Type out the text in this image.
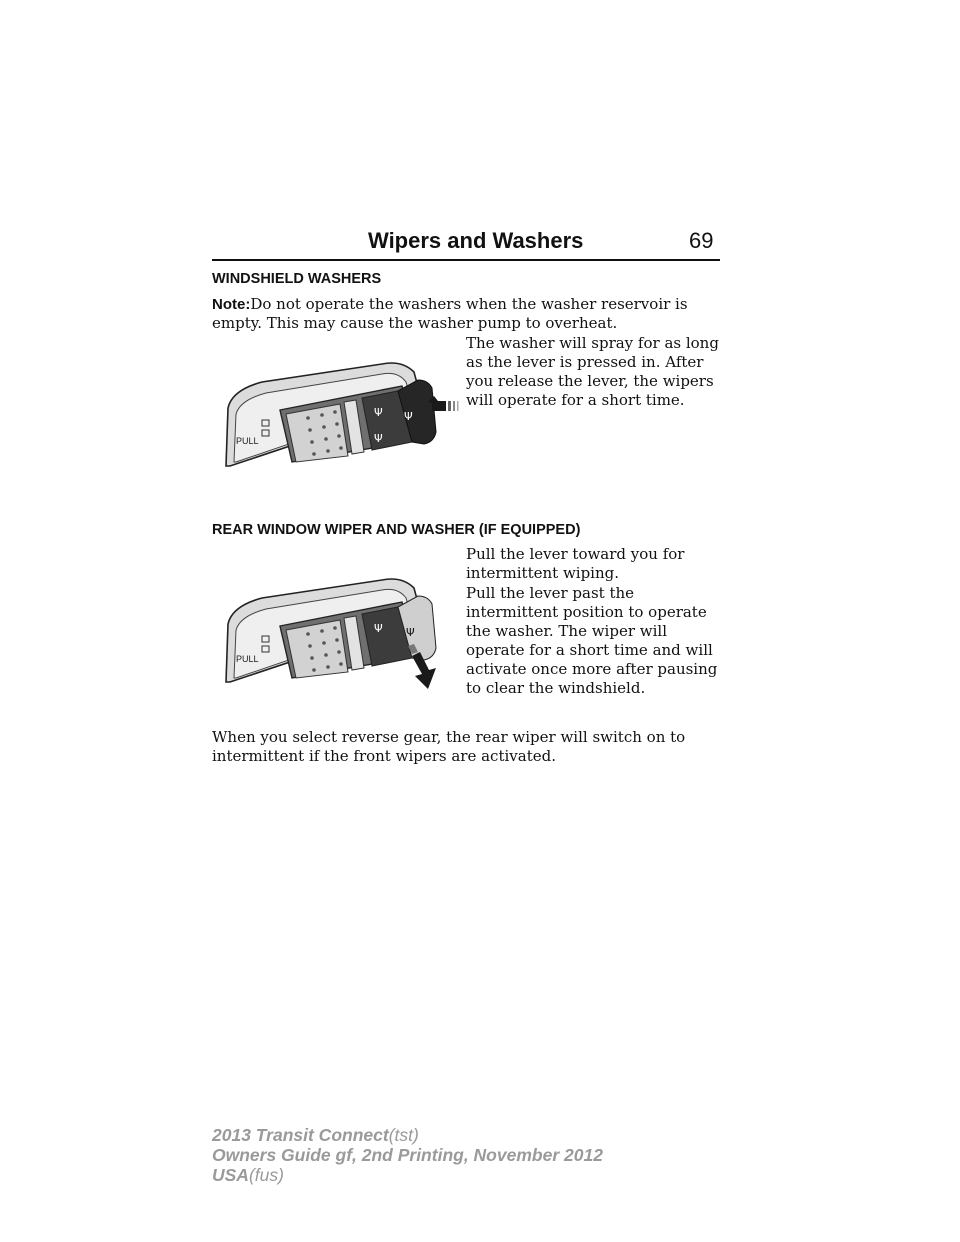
Wipers and Washers	69
WINDSHIELD WASHERS
Note:Do not operate the washers when the washer reservoir is empty. This may cause the washer pump to overheat.

The washer will spray for as long as the lever is pressed in. After you release the lever, the wipers will operate for a short time.

Ψ
Ψ
Ψ
PULL
REAR WINDOW WIPER AND WASHER (IF EQUIPPED)

Pull the lever toward you for intermittent wiping.

Pull the lever past the intermittent position to operate the washer. The wiper will operate for a short time and will activate once more after pausing to clear the windshield.

Ψ Ψ
PULL

When you select reverse gear, the rear wiper will switch on to intermittent if the front wipers are activated.

2013 Transit Connect(tst)
Owners Guide gf, 2nd Printing, November 2012
USA(fus)
